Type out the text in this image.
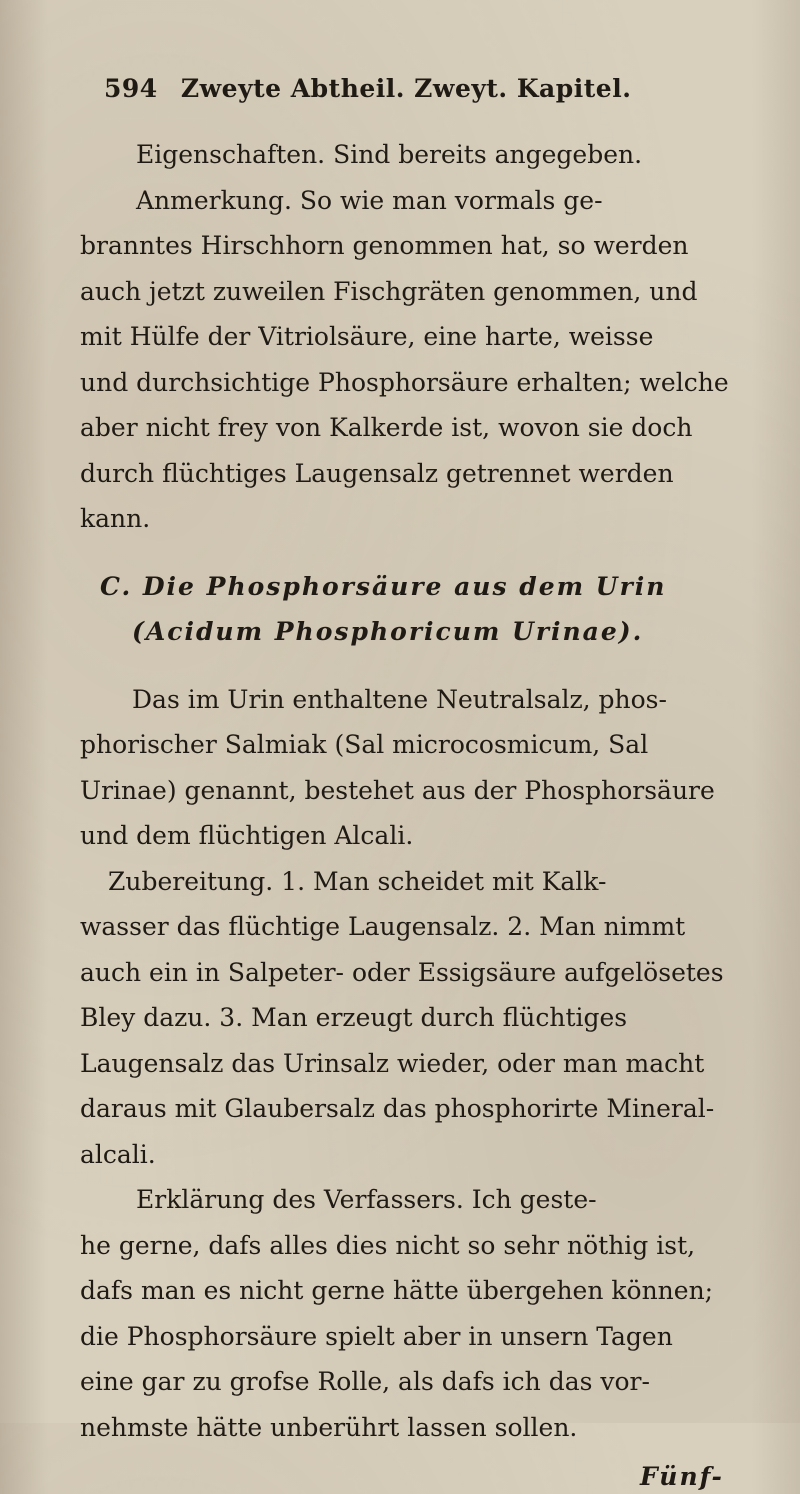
594 Zweyte Abtheil. Zweyt. Kapitel.
Eigenschaften. Sind bereits angegeben.
Anmerkung. So wie man vormals ge-
branntes Hirschhorn genommen hat, so werden
auch jetzt zuweilen Fischgräten genommen, und
mit Hülfe der Vitriolsäure, eine harte, weisse
und durchsichtige Phosphorsäure erhalten; welche
aber nicht frey von Kalkerde ist, wovon sie doch
durch flüchtiges Laugensalz getrennet werden
kann.
C. Die Phosphorsäure aus dem Urin
(Acidum Phosphoricum Urinae).
Das im Urin enthaltene Neutralsalz, phos-
phorischer Salmiak (Sal microcosmicum, Sal
Urinae) genannt, bestehet aus der Phosphorsäure
und dem flüchtigen Alcali.
Zubereitung. 1. Man scheidet mit Kalk-
wasser das flüchtige Laugensalz. 2. Man nimmt
auch ein in Salpeter- oder Essigsäure aufgelösetes
Bley dazu. 3. Man erzeugt durch flüchtiges
Laugensalz das Urinsalz wieder, oder man macht
daraus mit Glaubersalz das phosphorirte Mineral-
alcali.
Erklärung des Verfassers. Ich geste-
he gerne, dafs alles dies nicht so sehr nöthig ist,
dafs man es nicht gerne hätte übergehen können;
die Phosphorsäure spielt aber in unsern Tagen
eine gar zu grofse Rolle, als dafs ich das vor-
nehmste hätte unberührt lassen sollen.
Fünf-
